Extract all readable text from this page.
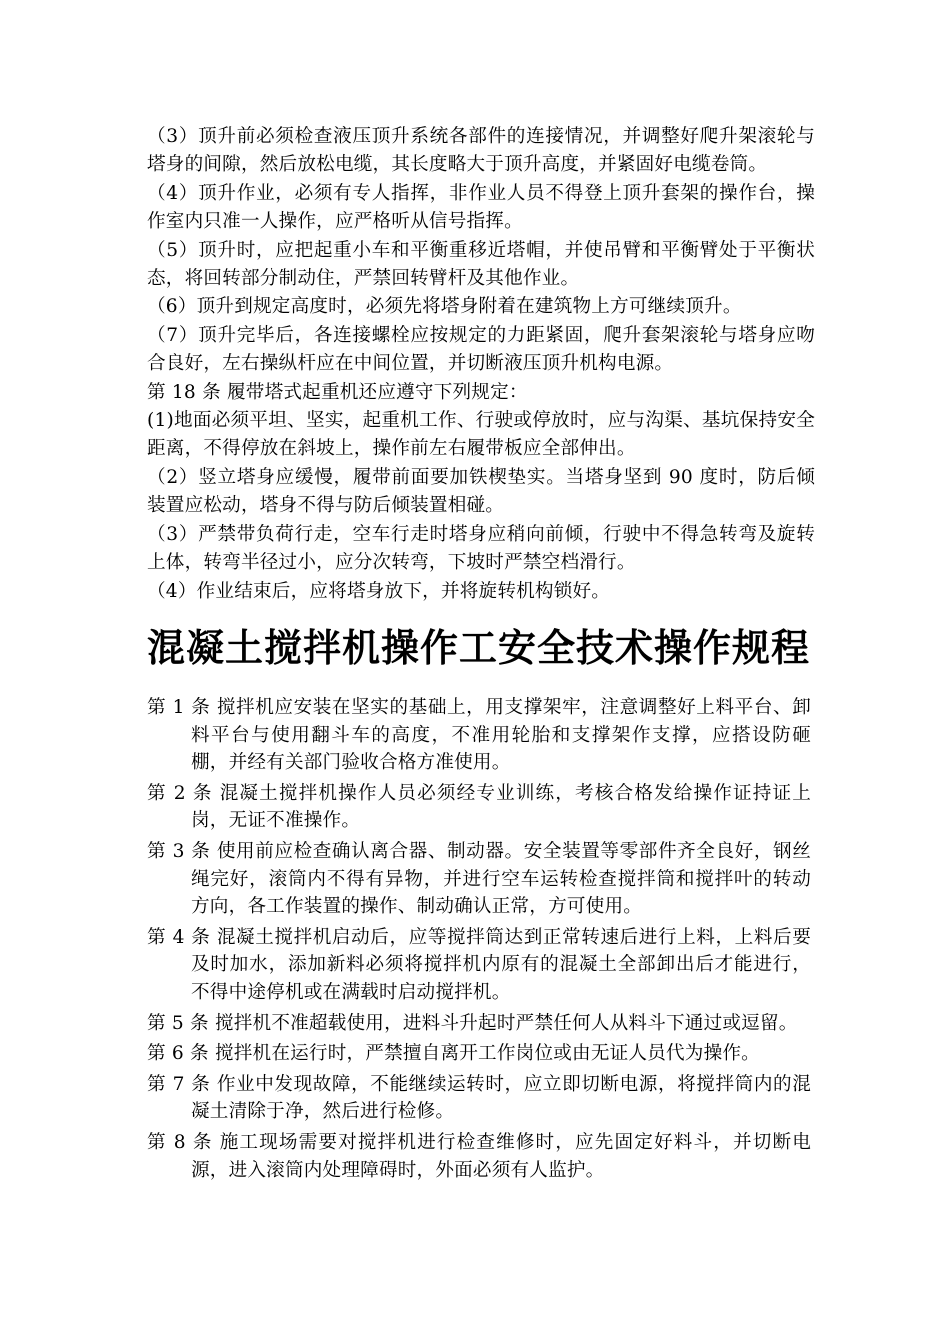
（3）顶升前必须检查液压顶升系统各部件的连接情况，并调整好爬升架滚轮与塔身的间隙，然后放松电缆，其长度略大于顶升高度，并紧固好电缆卷筒。

（4）顶升作业，必须有专人指挥，非作业人员不得登上顶升套架的操作台，操作室内只准一人操作，应严格听从信号指挥。

（5）顶升时，应把起重小车和平衡重移近塔帽，并使吊臂和平衡臂处于平衡状态，将回转部分制动住，严禁回转臂杆及其他作业。

（6）顶升到规定高度时，必须先将塔身附着在建筑物上方可继续顶升。

（7）顶升完毕后，各连接螺栓应按规定的力距紧固，爬升套架滚轮与塔身应吻合良好，左右操纵杆应在中间位置，并切断液压顶升机构电源。

第 18 条 履带塔式起重机还应遵守下列规定：

(1)地面必须平坦、坚实，起重机工作、行驶或停放时，应与沟渠、基坑保持安全距离，不得停放在斜坡上，操作前左右履带板应全部伸出。

（2）竖立塔身应缓慢，履带前面要加铁楔垫实。当塔身坚到 90 度时，防后倾装置应松动，塔身不得与防后倾装置相碰。

（3）严禁带负荷行走，空车行走时塔身应稍向前倾，行驶中不得急转弯及旋转上体，转弯半径过小，应分次转弯，下坡时严禁空档滑行。

（4）作业结束后，应将塔身放下，并将旋转机构锁好。

混凝土搅拌机操作工安全技术操作规程

第 1 条 搅拌机应安装在坚实的基础上，用支撑架牢，注意调整好上料平台、卸料平台与使用翻斗车的高度，不准用轮胎和支撑架作支撑，应搭设防砸棚，并经有关部门验收合格方准使用。

第 2 条 混凝土搅拌机操作人员必须经专业训练，考核合格发给操作证持证上岗，无证不准操作。

第 3 条 使用前应检查确认离合器、制动器。安全装置等零部件齐全良好，钢丝绳完好，滚筒内不得有异物，并进行空车运转检查搅拌筒和搅拌叶的转动方向，各工作装置的操作、制动确认正常，方可使用。

第 4 条 混凝土搅拌机启动后，应等搅拌筒达到正常转速后进行上料，上料后要及时加水，添加新料必须将搅拌机内原有的混凝土全部卸出后才能进行，不得中途停机或在满载时启动搅拌机。

第 5 条 搅拌机不准超载使用，进料斗升起时严禁任何人从料斗下通过或逗留。

第 6 条 搅拌机在运行时，严禁擅自离开工作岗位或由无证人员代为操作。

第 7 条 作业中发现故障，不能继续运转时，应立即切断电源，将搅拌筒内的混凝土清除于净，然后进行检修。

第 8 条 施工现场需要对搅拌机进行检查维修时，应先固定好料斗，并切断电源，进入滚筒内处理障碍时，外面必须有人监护。
